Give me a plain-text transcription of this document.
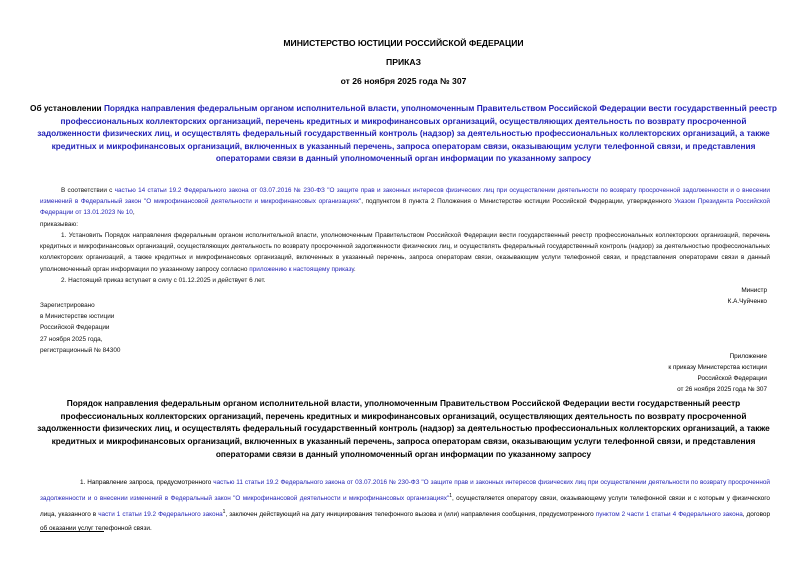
МИНИСТЕРСТВО ЮСТИЦИИ РОССИЙСКОЙ ФЕДЕРАЦИИ
ПРИКАЗ
от 26 ноября 2025 года № 307
Об установлении Порядка направления федеральным органом исполнительной власти, уполномоченным Правительством Российской Федерации вести государственный реестр профессиональных коллекторских организаций, перечень кредитных и микрофинансовых организаций, осуществляющих деятельность по возврату просроченной задолженности физических лиц, и осуществлять федеральный государственный контроль (надзор) за деятельностью профессиональных коллекторских организаций, а также кредитных и микрофинансовых организаций, включенных в указанный перечень, запроса операторам связи, оказывающим услуги телефонной связи, и представления операторами связи в данный уполномоченный орган информации по указанному запросу
В соответствии с частью 14 статьи 19.2 Федерального закона от 03.07.2016 № 230-ФЗ "О защите прав и законных интересов физических лиц при осуществлении деятельности по возврату просроченной задолженности и о внесении изменений в Федеральный закон "О микрофинансовой деятельности и микрофинансовых организациях", подпунктом 8 пункта 2 Положения о Министерстве юстиции Российской Федерации, утвержденного Указом Президента Российской Федерации от 13.01.2023 № 10,
приказываю:
1. Установить Порядок направления федеральным органом исполнительной власти, уполномоченным Правительством Российской Федерации вести государственный реестр профессиональных коллекторских организаций, перечень кредитных и микрофинансовых организаций, осуществляющих деятельность по возврату просроченной задолженности физических лиц, и осуществлять федеральный государственный контроль (надзор) за деятельностью профессиональных коллекторских организаций, а также кредитных и микрофинансовых организаций, включенных в указанный перечень, запроса операторам связи, оказывающим услуги телефонной связи, и представления операторами связи в данный уполномоченный орган информации по указанному запросу согласно приложению к настоящему приказу.
2. Настоящий приказ вступает в силу с 01.12.2025 и действует 6 лет.
Министр
К.А.Чуйченко
Зарегистрировано
в Министерстве юстиции
Российской Федерации
27 ноября 2025 года,
регистрационный № 84300
Приложение
к приказу Министерства юстиции
Российской Федерации
от 26 ноября 2025 года № 307
Порядок направления федеральным органом исполнительной власти, уполномоченным Правительством Российской Федерации вести государственный реестр профессиональных коллекторских организаций, перечень кредитных и микрофинансовых организаций, осуществляющих деятельность по возврату просроченной задолженности физических лиц, и осуществлять федеральный государственный контроль (надзор) за деятельностью профессиональных коллекторских организаций, а также кредитных и микрофинансовых организаций, включенных в указанный перечень, запроса операторам связи, оказывающим услуги телефонной связи, и представления операторами связи в данный уполномоченный орган информации по указанному запросу
1. Направление запроса, предусмотренного частью 11 статьи 19.2 Федерального закона от 03.07.2016 № 230-ФЗ "О защите прав и законных интересов физических лиц при осуществлении деятельности по возврату просроченной задолженности и о внесении изменений в Федеральный закон "О микрофинансовой деятельности и микрофинансовых организациях"$^1$, осуществляется оператору связи, оказывающему услуги телефонной связи и с которым у физического лица, указанного в части 1 статьи 19.2 Федерального закона$^1$, заключен действующий на дату инициирования телефонного вызова и (или) направления сообщения, предусмотренного пунктом 2 части 1 статьи 4 Федерального закона, договор об оказании услуг телефонной связи.
